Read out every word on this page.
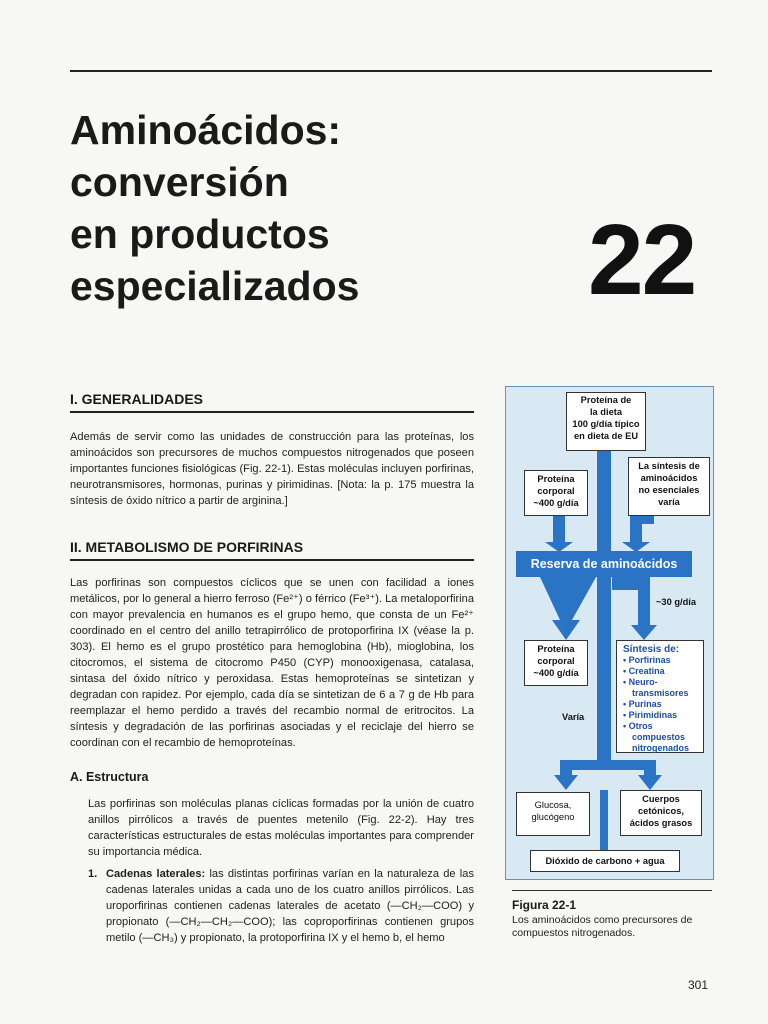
Aminoácidos:
conversión
en productos
especializados 22
I. GENERALIDADES
Además de servir como las unidades de construcción para las proteínas, los aminoácidos son precursores de muchos compuestos nitrogenados que poseen importantes funciones fisiológicas (Fig. 22-1). Estas moléculas incluyen porfirinas, neurotransmisores, hormonas, purinas y pirimidinas. [Nota: la p. 175 muestra la síntesis de óxido nítrico a partir de arginina.]
II. METABOLISMO DE PORFIRINAS
Las porfirinas son compuestos cíclicos que se unen con facilidad a iones metálicos, por lo general a hierro ferroso (Fe²⁺) o férrico (Fe³⁺). La metaloporfirina con mayor prevalencia en humanos es el grupo hemo, que consta de un Fe²⁺ coordinado en el centro del anillo tetrapirrólico de protoporfirina IX (véase la p. 303). El hemo es el grupo prostético para hemoglobina (Hb), mioglobina, los citocromos, el sistema de citocromo P450 (CYP) monooxigenasa, catalasa, sintasa del óxido nítrico y peroxidasa. Estas hemoproteínas se sintetizan y degradan con rapidez. Por ejemplo, cada día se sintetizan de 6 a 7 g de Hb para reemplazar el hemo perdido a través del recambio normal de eritrocitos. La síntesis y degradación de las porfirinas asociadas y el reciclaje del hierro se coordinan con el recambio de hemoproteínas.
A. Estructura
Las porfirinas son moléculas planas cíclicas formadas por la unión de cuatro anillos pirrólicos a través de puentes metenilo (Fig. 22-2). Hay tres características estructurales de estas moléculas importantes para comprender su importancia médica.
1. Cadenas laterales: las distintas porfirinas varían en la naturaleza de las cadenas laterales unidas a cada uno de los cuatro anillos pirrólicos. Las uroporfirinas contienen cadenas laterales de acetato (—CH₂—COO) y propionato (—CH₂—CH₂—COO); las coproporfirinas contienen grupos metilo (—CH₃) y propionato, la protoporfirina IX y el hemo b, el hemo
Proteína de
la dieta
100 g/día típico
en dieta de EU
Proteína
corporal
~400 g/día
La síntesis de
aminoácidos
no esenciales
varía
Reserva de aminoácidos
~30 g/día
Proteína
corporal
~400 g/día
Varía
Síntesis de:
• Porfirinas
• Creatina
• Neuro-
transmisores
• Purinas
• Pirimidinas
• Otros
compuestos
nitrogenados
Glucosa,
glucógeno
Cuerpos
cetónicos,
ácidos grasos
Dióxido de carbono + agua
Figura 22-1
Los aminoácidos como precursores de compuestos nitrogenados.
301
